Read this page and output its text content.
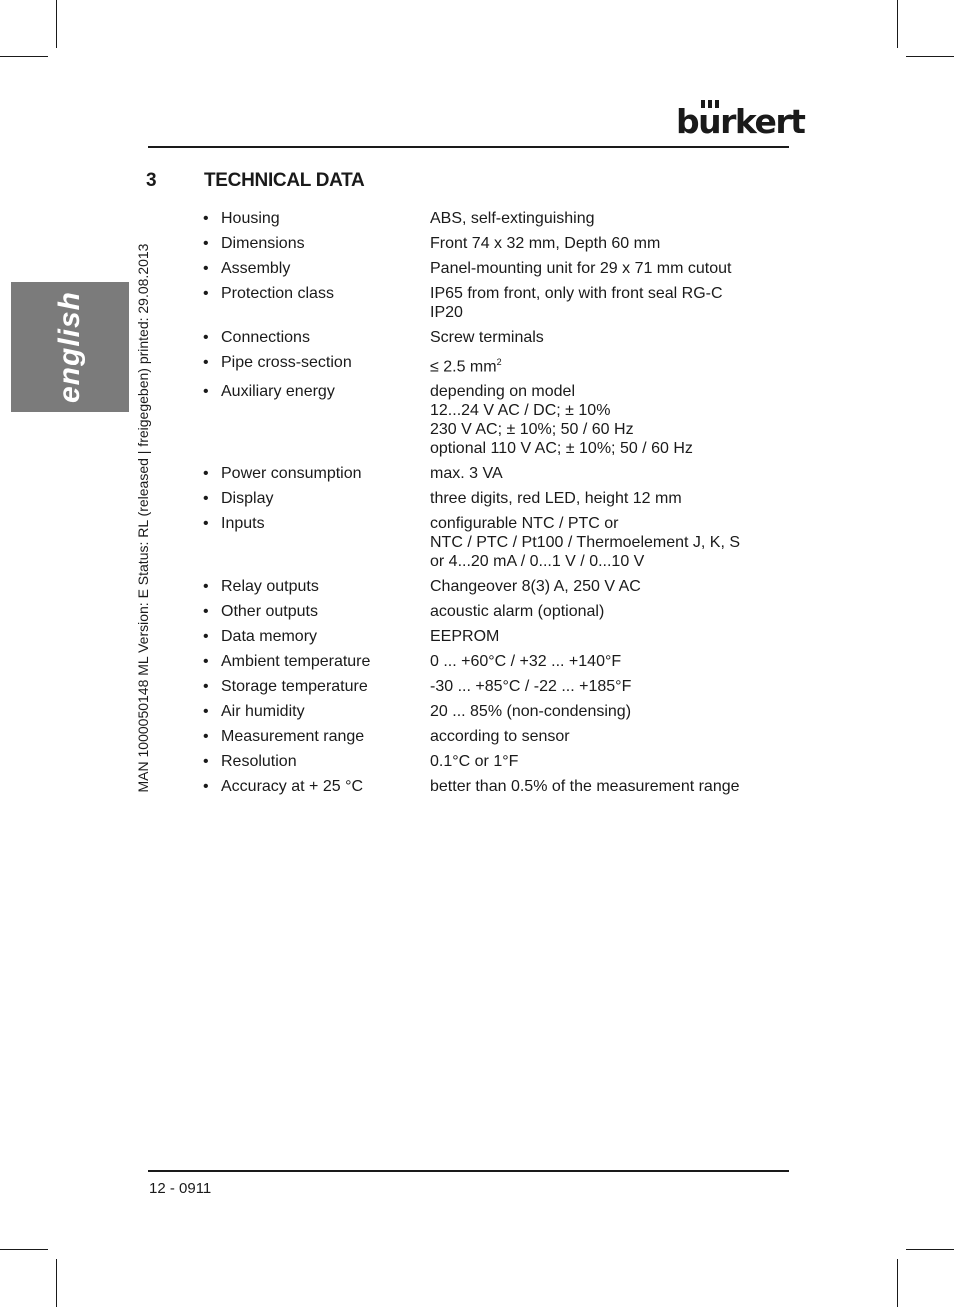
burkert
english	MAN 1000050148 ML Version: E Status: RL (released | freigegeben) printed: 29.08.2013
3 TECHNICAL DATA
• Housing	ABS, self-extinguishing
• Dimensions	Front 74 x 32 mm, Depth 60 mm
• Assembly	Panel-mounting unit for 29 x 71 mm cutout
• Protection class	IP65 from front, only with front seal RG-C
IP20
• Connections	Screw terminals
• Pipe cross-section	≤ 2.5 $mm^2$
• Auxiliary energy	depending on model
12...24 V AC / DC; ± 10%
230 V AC; ± 10%; 50 / 60 Hz
optional 110 V AC; ± 10%; 50 / 60 Hz
• Power consumption	max. 3 VA
• Display	three digits, red LED, height 12 mm
• Inputs	configurable NTC / PTC or
NTC / PTC / Pt100 / Thermoelement J, K, S
or 4...20 mA / 0...1 V / 0...10 V
• Relay outputs	Changeover 8(3) A, 250 V AC
• Other outputs	acoustic alarm (optional)
• Data memory	EEPROM
• Ambient temperature	0 ... +60°C / +32 ... +140°F
• Storage temperature	-30 ... +85°C / -22 ... +185°F
• Air humidity	20 ... 85% (non-condensing)
• Measurement range	according to sensor
• Resolution	0.1°C or 1°F
• Accuracy at + 25 °C	better than 0.5% of the measurement range
12 - 0911
